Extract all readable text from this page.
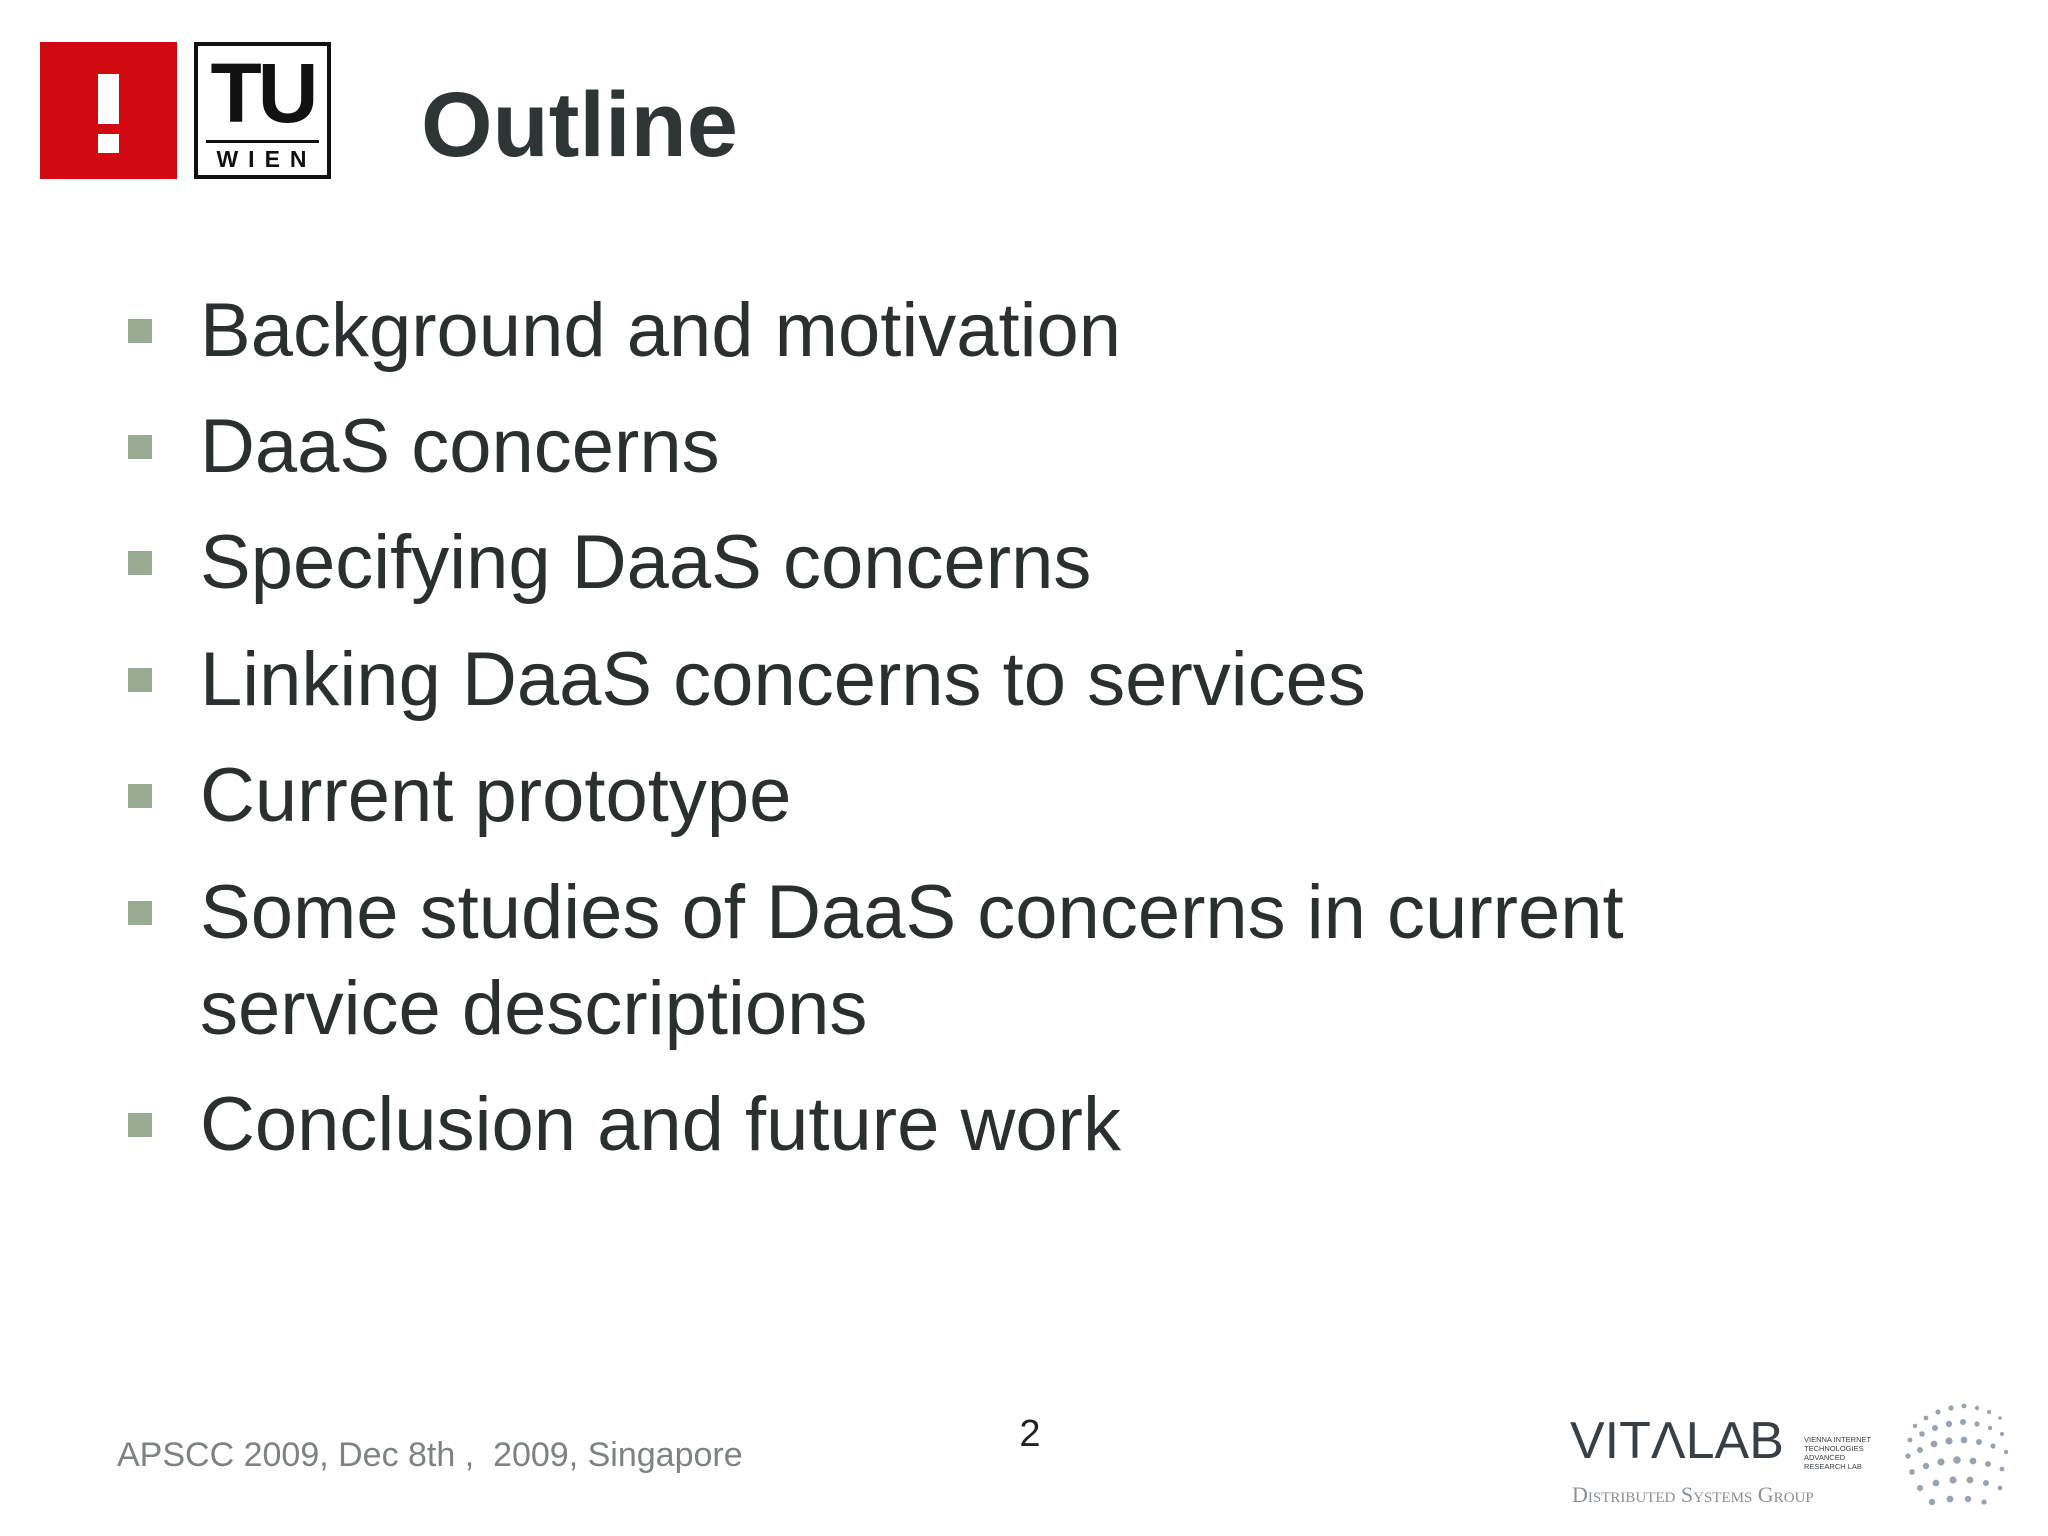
TU
WIEN Outline
Background and motivation
DaaS concerns
Specifying DaaS concerns
Linking DaaS concerns to services
Current prototype
Some studies of DaaS concerns in current
service descriptions
Conclusion and future work
APSCC 2009, Dec 8th ,  2009, Singapore	2	VITΛLAB	VIENNA INTERNET
TECHNOLOGIES
ADVANCED
RESEARCH LAB
Distributed Systems Group
